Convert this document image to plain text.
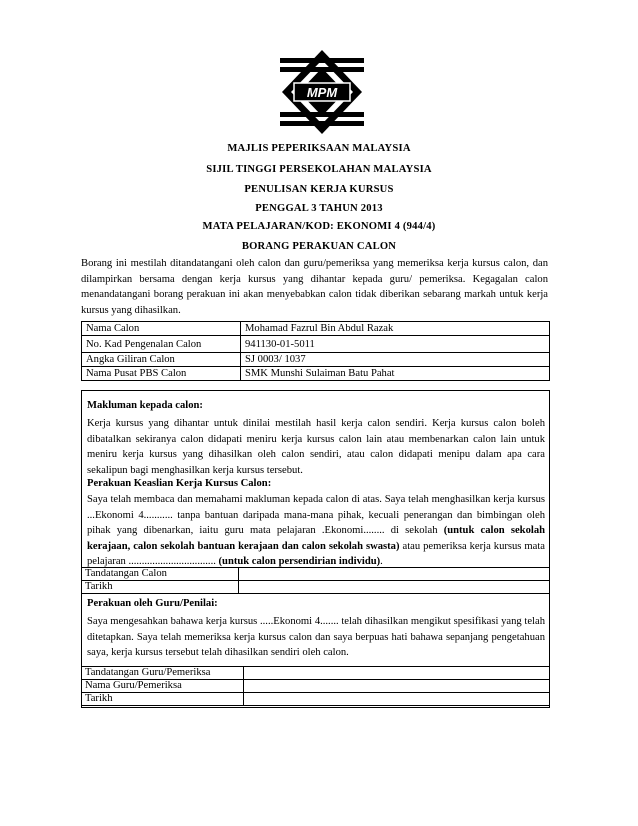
MPM
MAJLIS PEPERIKSAAN MALAYSIA
SIJIL TINGGI PERSEKOLAHAN MALAYSIA
PENULISAN KERJA KURSUS
PENGGAL 3 TAHUN 2013
MATA PELAJARAN/KOD: EKONOMI 4 (944/4)
BORANG PERAKUAN CALON
Borang ini mestilah ditandatangani oleh calon dan guru/pemeriksa yang memeriksa kerja kursus calon, dan dilampirkan bersama dengan kerja kursus yang dihantar kepada guru/ pemeriksa. Kegagalan calon menandatangani borang perakuan ini akan menyebabkan calon tidak diberikan sebarang markah untuk kerja kursus yang dihasilkan.
Nama Calon	Mohamad Fazrul Bin Abdul Razak
No. Kad Pengenalan Calon	941130-01-5011
Angka Giliran Calon	SJ 0003/ 1037
Nama Pusat PBS Calon	SMK Munshi Sulaiman Batu Pahat
Makluman kepada calon:
Kerja kursus yang dihantar untuk dinilai mestilah hasil kerja calon sendiri. Kerja kursus calon boleh dibatalkan sekiranya calon didapati meniru kerja kursus calon lain atau membenarkan calon lain untuk meniru kerja kursus yang dihasilkan oleh calon sendiri, atau calon didapati menipu dalam apa cara sekalipun bagi menghasilkan kerja kursus tersebut.
Perakuan Keaslian Kerja Kursus Calon:
Saya telah membaca dan memahami makluman kepada calon di atas. Saya telah menghasilkan kerja kursus ...Ekonomi 4........... tanpa bantuan daripada mana-mana pihak, kecuali penerangan dan bimbingan oleh pihak yang dibenarkan, iaitu guru mata pelajaran .Ekonomi........ di sekolah (untuk calon sekolah kerajaan, calon sekolah bantuan kerajaan dan calon sekolah swasta) atau pemeriksa kerja kursus mata pelajaran ................................. (untuk calon persendirian individu).
Tandatangan Calon	
Tarikh	
Perakuan oleh Guru/Penilai:
Saya mengesahkan bahawa kerja kursus .....Ekonomi 4....... telah dihasilkan mengikut spesifikasi yang telah ditetapkan. Saya telah memeriksa kerja kursus calon dan saya berpuas hati bahawa sepanjang pengetahuan saya, kerja kursus tersebut telah dihasilkan sendiri oleh calon.
Tandatangan Guru/Pemeriksa	
Nama Guru/Pemeriksa	
Tarikh	
